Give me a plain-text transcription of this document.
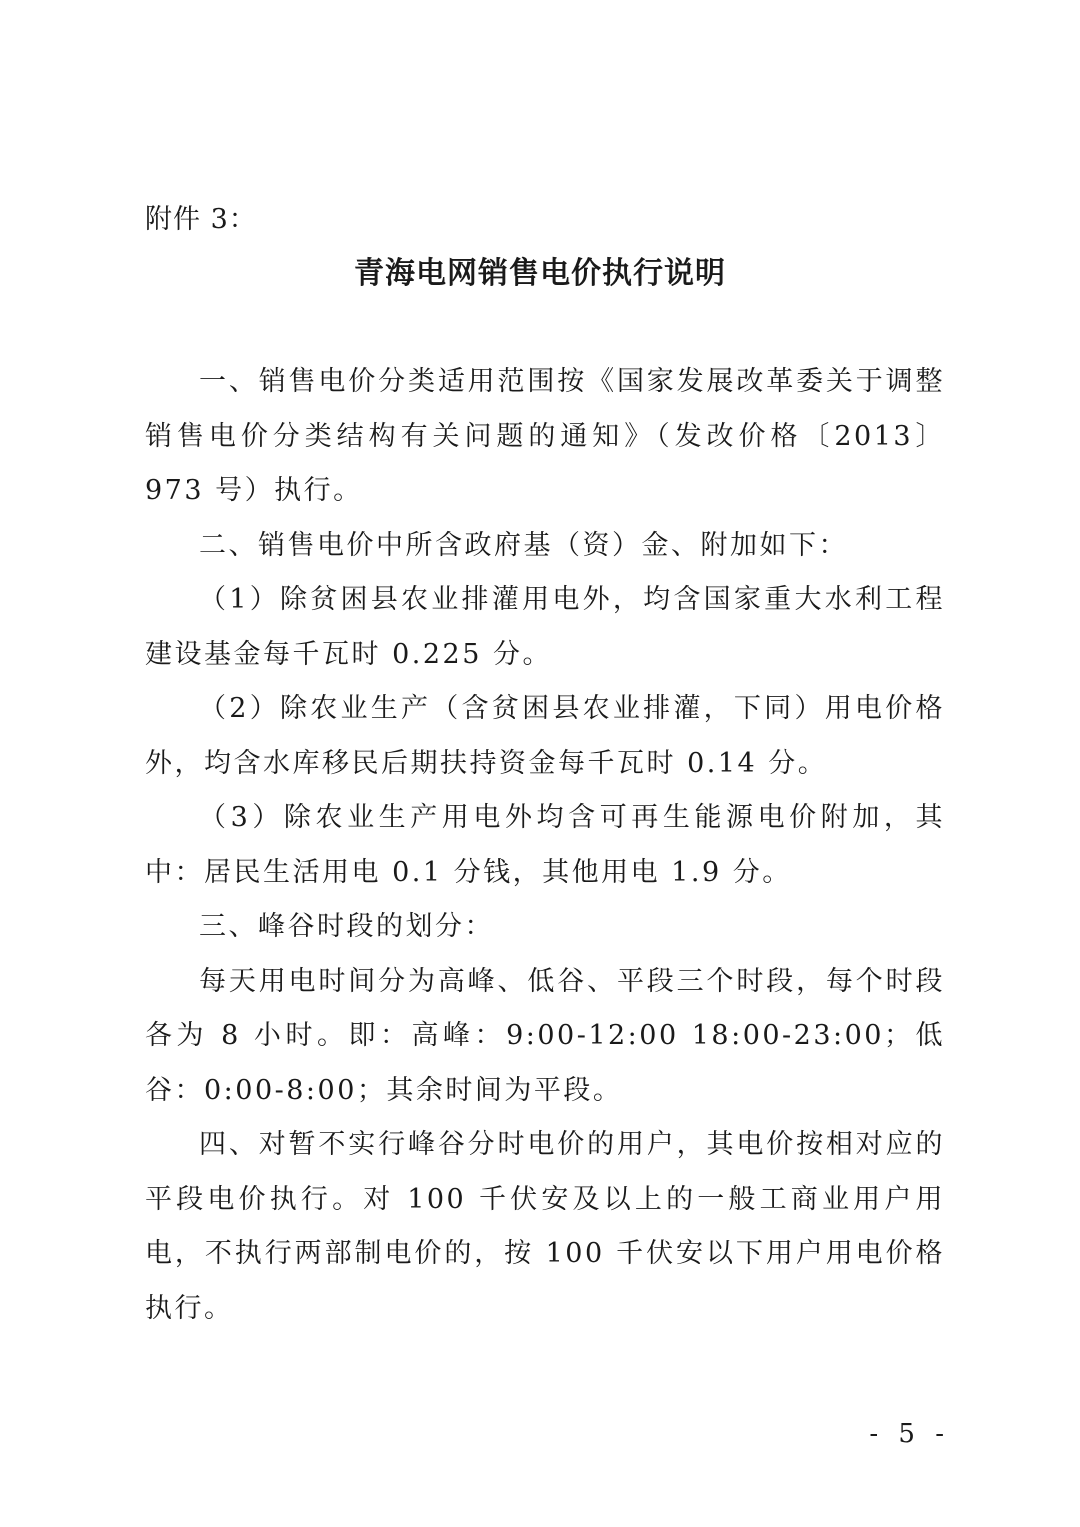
附件 3：
青海电网销售电价执行说明

一、销售电价分类适用范围按《国家发展改革委关于调整销售电价分类结构有关问题的通知》（发改价格〔2013〕973 号）执行。

二、销售电价中所含政府基（资）金、附加如下：

（1）除贫困县农业排灌用电外，均含国家重大水利工程建设基金每千瓦时 0.225 分。

（2）除农业生产（含贫困县农业排灌，下同）用电价格外，均含水库移民后期扶持资金每千瓦时 0.14 分。

（3）除农业生产用电外均含可再生能源电价附加，其中：居民生活用电 0.1 分钱，其他用电 1.9 分。

三、峰谷时段的划分：

每天用电时间分为高峰、低谷、平段三个时段，每个时段各为 8 小时。即：高峰：9:00-12:00 18:00-23:00；低谷：0:00-8:00；其余时间为平段。

四、对暂不实行峰谷分时电价的用户，其电价按相对应的平段电价执行。对 100 千伏安及以上的一般工商业用户用电，不执行两部制电价的，按 100 千伏安以下用户用电价格执行。

- 5 -
